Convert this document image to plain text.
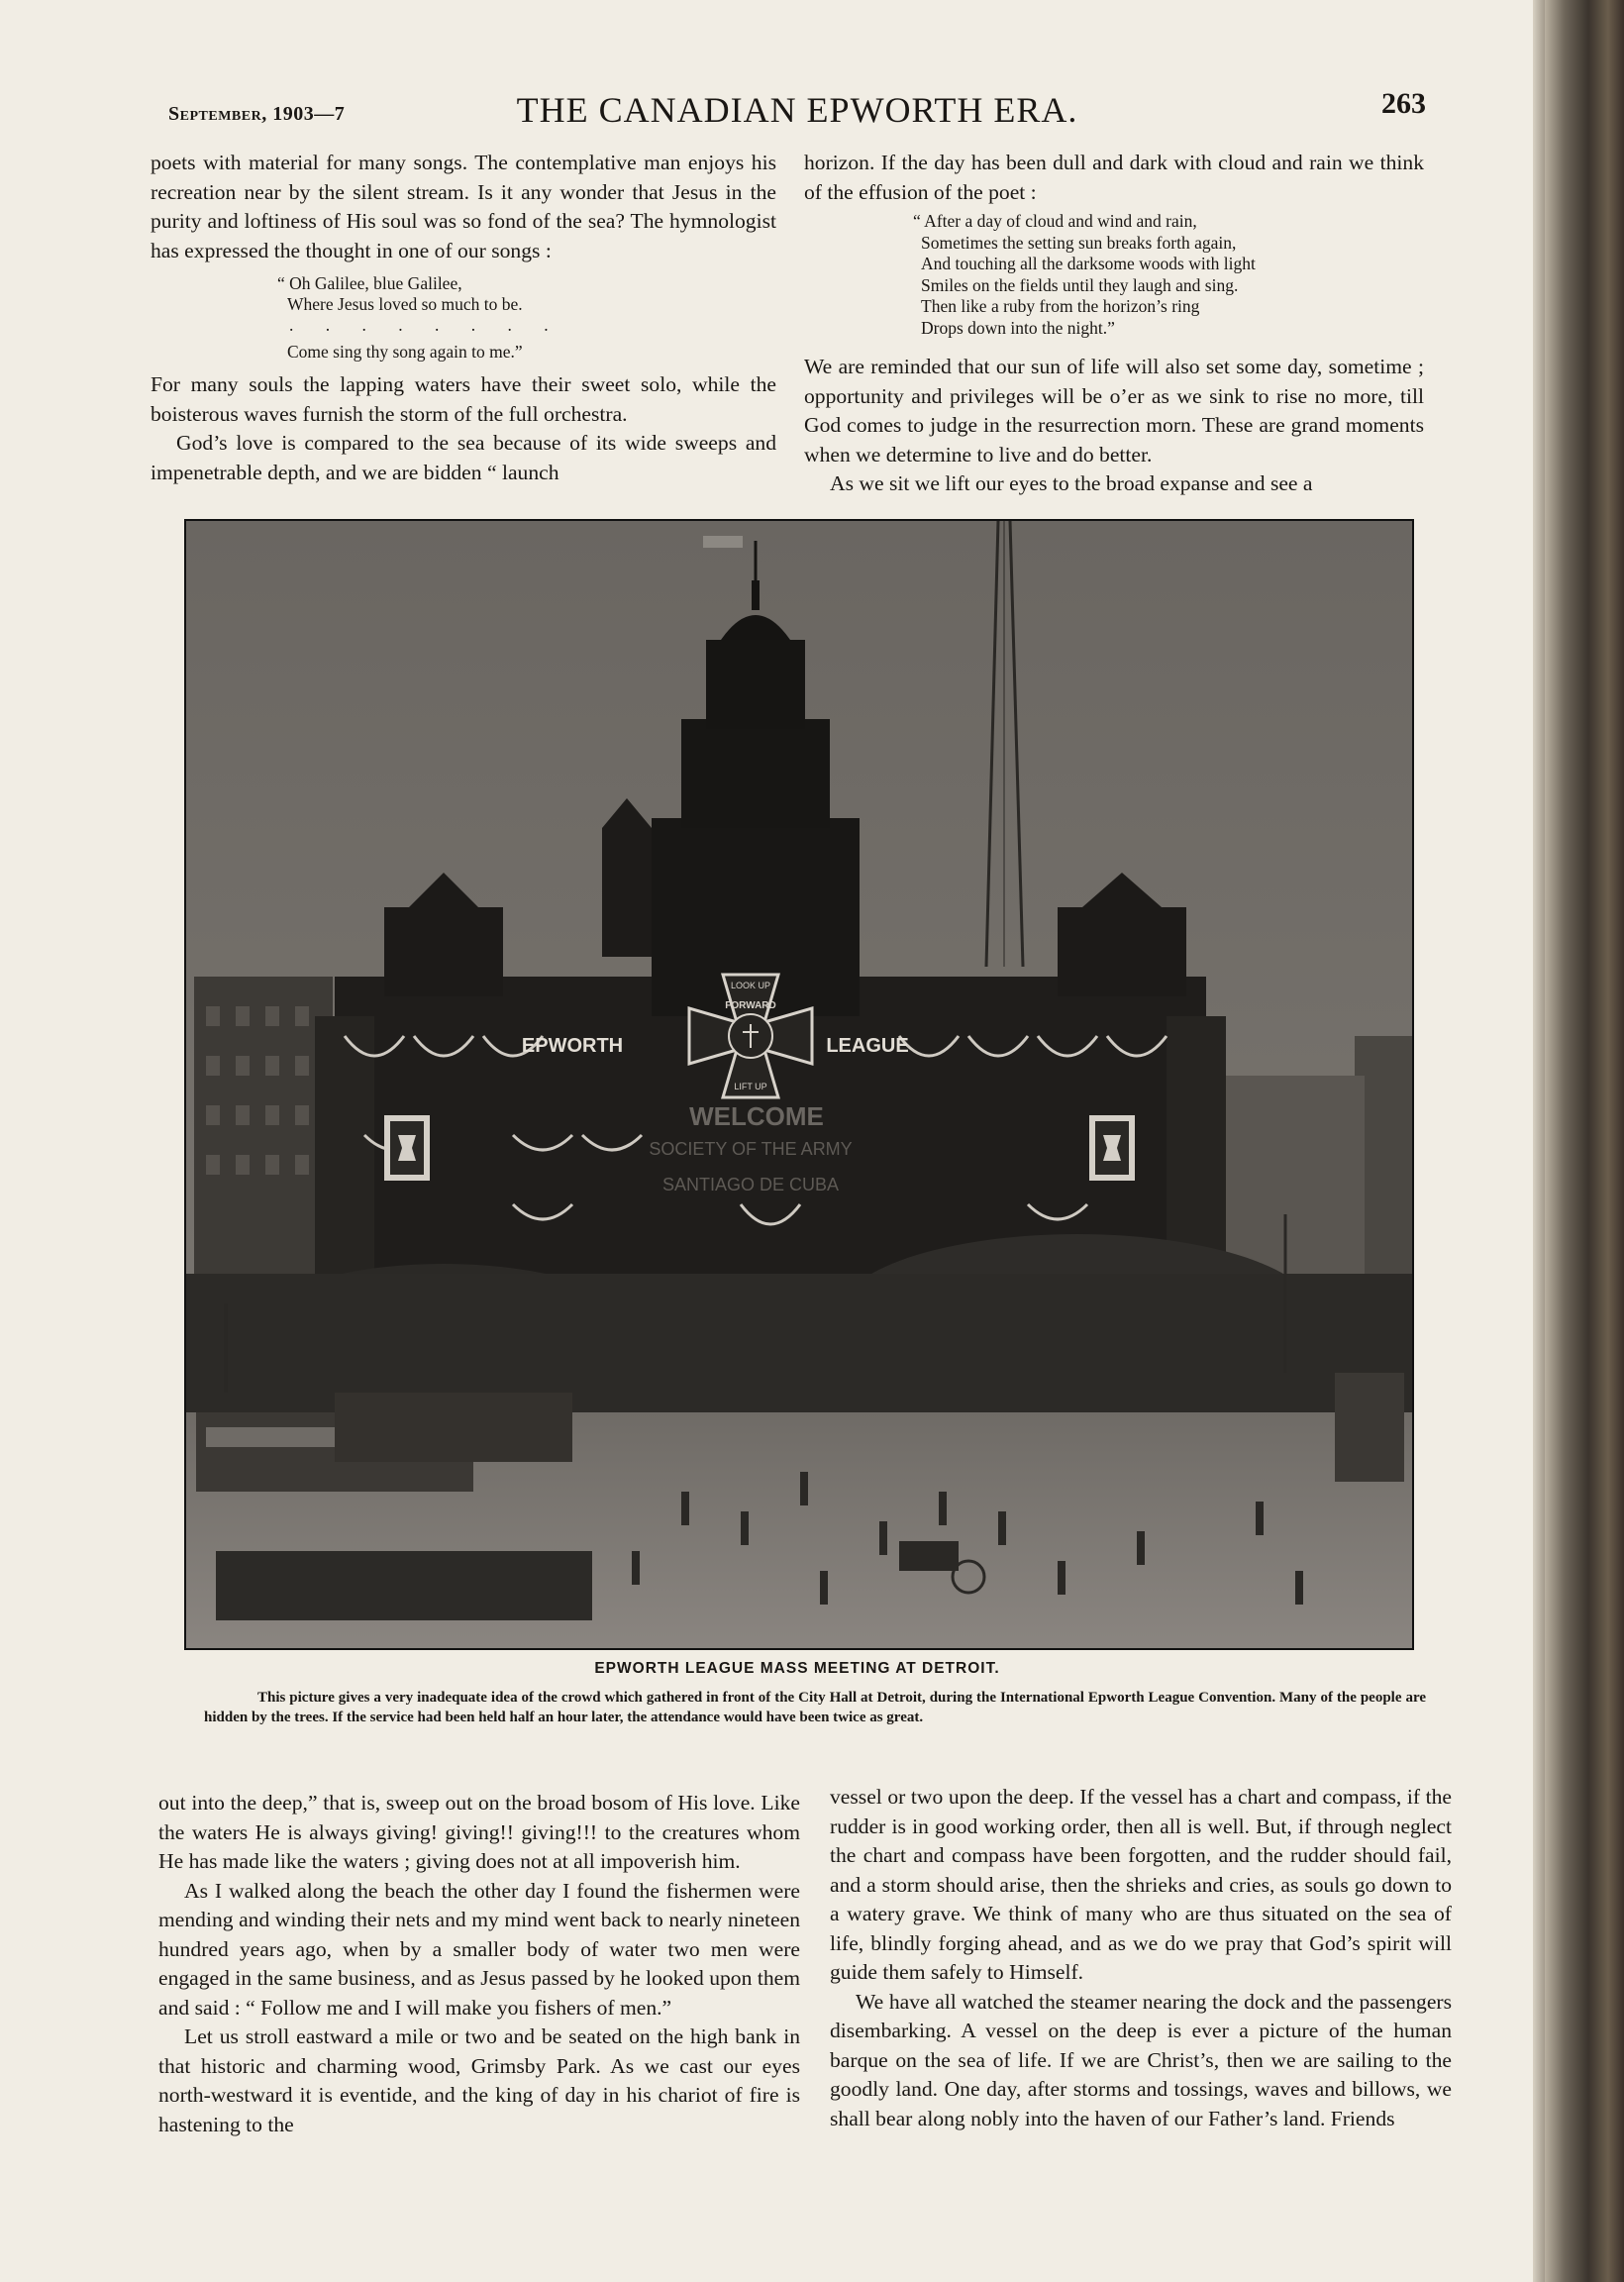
September, 1903—7	THE CANADIAN EPWORTH ERA.	263

poets with material for many songs. The contemplative man enjoys his recreation near by the silent stream. Is it any wonder that Jesus in the purity and loftiness of His soul was so fond of the sea? The hymnologist has expressed the thought in one of our songs :

“ Oh Galilee, blue Galilee,
Where Jesus loved so much to be.
. . . . . . . .
Come sing thy song again to me.”

For many souls the lapping waters have their sweet solo, while the boisterous waves furnish the storm of the full orchestra.

God’s love is compared to the sea because of its wide sweeps and impenetrable depth, and we are bidden “ launch

horizon. If the day has been dull and dark with cloud and rain we think of the effusion of the poet :

“ After a day of cloud and wind and rain,
Sometimes the setting sun breaks forth again,
And touching all the darksome woods with light
Smiles on the fields until they laugh and sing.
Then like a ruby from the horizon’s ring
Drops down into the night.”

We are reminded that our sun of life will also set some day, sometime ; opportunity and privileges will be o’er as we sink to rise no more, till God comes to judge in the resurrection morn. These are grand moments when we determine to live and do better.

As we sit we lift our eyes to the broad expanse and see a

LOOK UP
FORWARD
LIFT UP
EPWORTH	LEAGUE
WELCOME
SOCIETY OF THE ARMY
SANTIAGO DE CUBA
EPWORTH LEAGUE MASS MEETING AT DETROIT.

This picture gives a very inadequate idea of the crowd which gathered in front of the City Hall at Detroit, during the International Epworth League Convention. Many of the people are hidden by the trees. If the service had been held half an hour later, the attendance would have been twice as great.

out into the deep,” that is, sweep out on the broad bosom of His love. Like the waters He is always giving! giving!! giving!!! to the creatures whom He has made like the waters ; giving does not at all impoverish him.

As I walked along the beach the other day I found the fishermen were mending and winding their nets and my mind went back to nearly nineteen hundred years ago, when by a smaller body of water two men were engaged in the same business, and as Jesus passed by he looked upon them and said : “ Follow me and I will make you fishers of men.”

Let us stroll eastward a mile or two and be seated on the high bank in that historic and charming wood, Grimsby Park. As we cast our eyes north-westward it is eventide, and the king of day in his chariot of fire is hastening to the

vessel or two upon the deep. If the vessel has a chart and compass, if the rudder is in good working order, then all is well. But, if through neglect the chart and compass have been forgotten, and the rudder should fail, and a storm should arise, then the shrieks and cries, as souls go down to a watery grave. We think of many who are thus situated on the sea of life, blindly forging ahead, and as we do we pray that God’s spirit will guide them safely to Himself.

We have all watched the steamer nearing the dock and the passengers disembarking. A vessel on the deep is ever a picture of the human barque on the sea of life. If we are Christ’s, then we are sailing to the goodly land. One day, after storms and tossings, waves and billows, we shall bear along nobly into the haven of our Father’s land. Friends
